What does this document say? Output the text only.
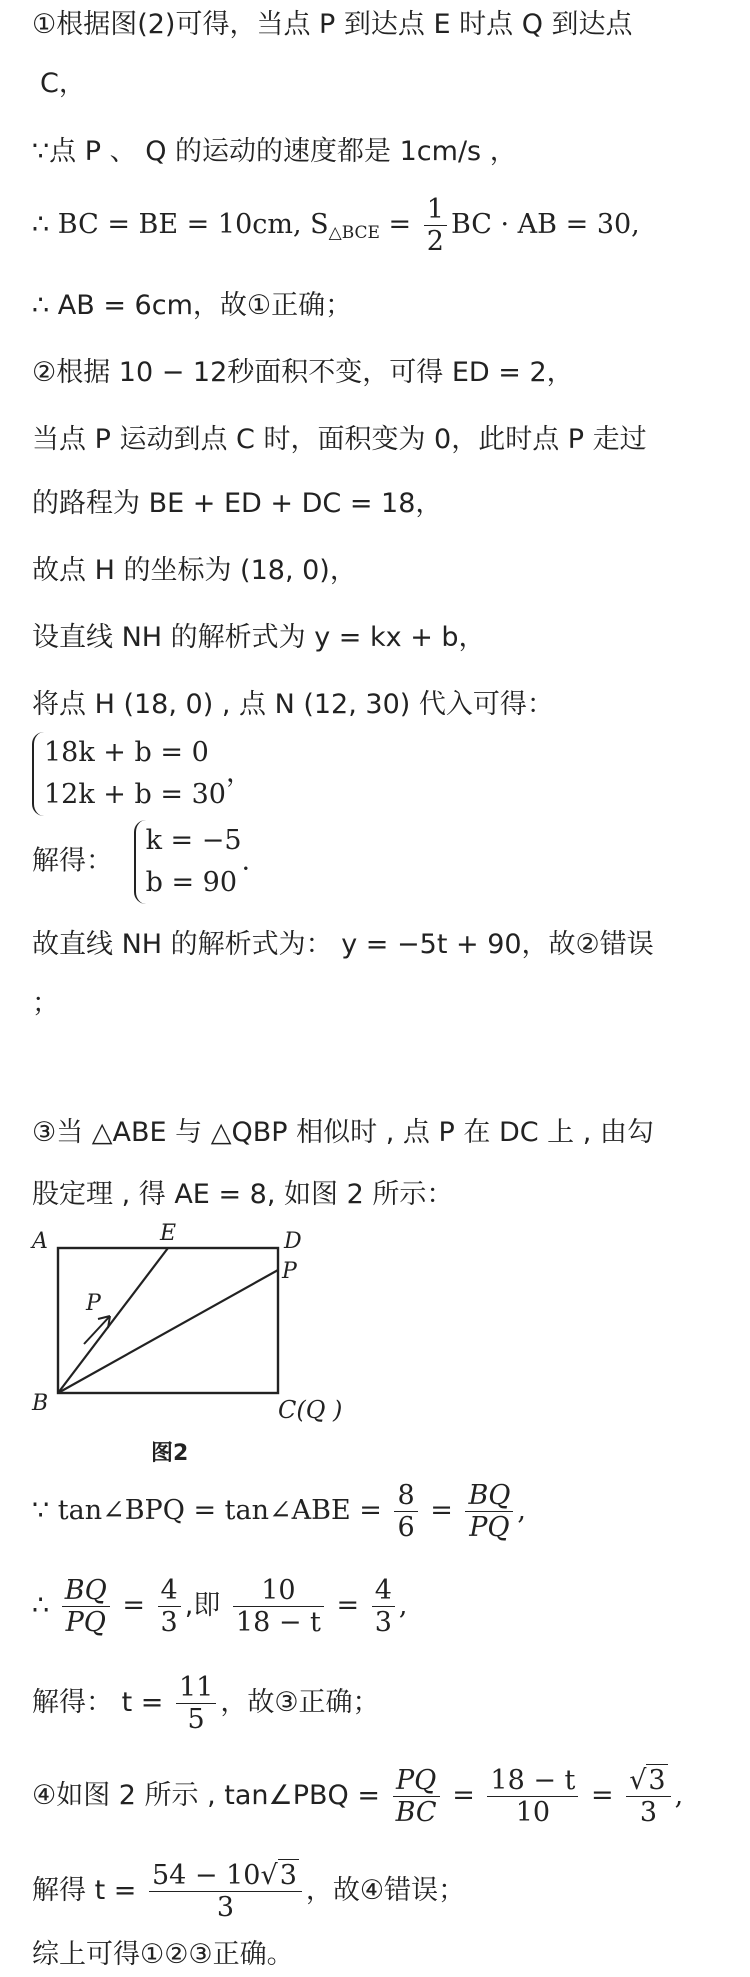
①根据图(2)可得，当点 P 到达点 E 时点 Q 到达点
C，
∵点 P 、 Q 的运动的速度都是 1cm/s ，
∴ BC = BE = 10cm, $S_{\triangle BCE} = \frac{1}{2}$ BC · AB = 30,
∴ AB = 6cm，故①正确；
②根据 10 − 12秒面积不变，可得 ED = 2，
当点 P 运动到点 C 时，面积变为 0，此时点 P 走过
的路程为 BE + ED + DC = 18，
故点 H 的坐标为 (18, 0)，
设直线 NH 的解析式为 y = kx + b，
将点 H (18, 0) , 点 N (12, 30) 代入可得：
18k + b = 0
12k + b = 30
，
解得：
k = −5
b = 90
.
故直线 NH 的解析式为： y = −5t + 90，故②错误
；
③当 △ABE 与 △QBP 相似时 , 点 P 在 DC 上 , 由勾
股定理 , 得 AE = 8, 如图 2 所示：
A	E	D
P
P
B	C(Q )
图2
∵ tan∠BPQ = tan∠ABE = $\frac{8}{6} = \frac{BQ}{PQ}$ ,
∴ $\frac{BQ}{PQ} = \frac{4}{3}$ ,即 $\frac{10}{18 - t} = \frac{4}{3}$ ,
解得： $t = \frac{11}{5}$ ，故③正确；
④如图 2 所示 , tan∠PBQ = $\frac{PQ}{BC} = \frac{18 - t}{10} = \frac{√3}{3}$ ,
解得 $t = \frac{54 - 10√3}{3}$ ，故④错误；
综上可得①②③正确。
